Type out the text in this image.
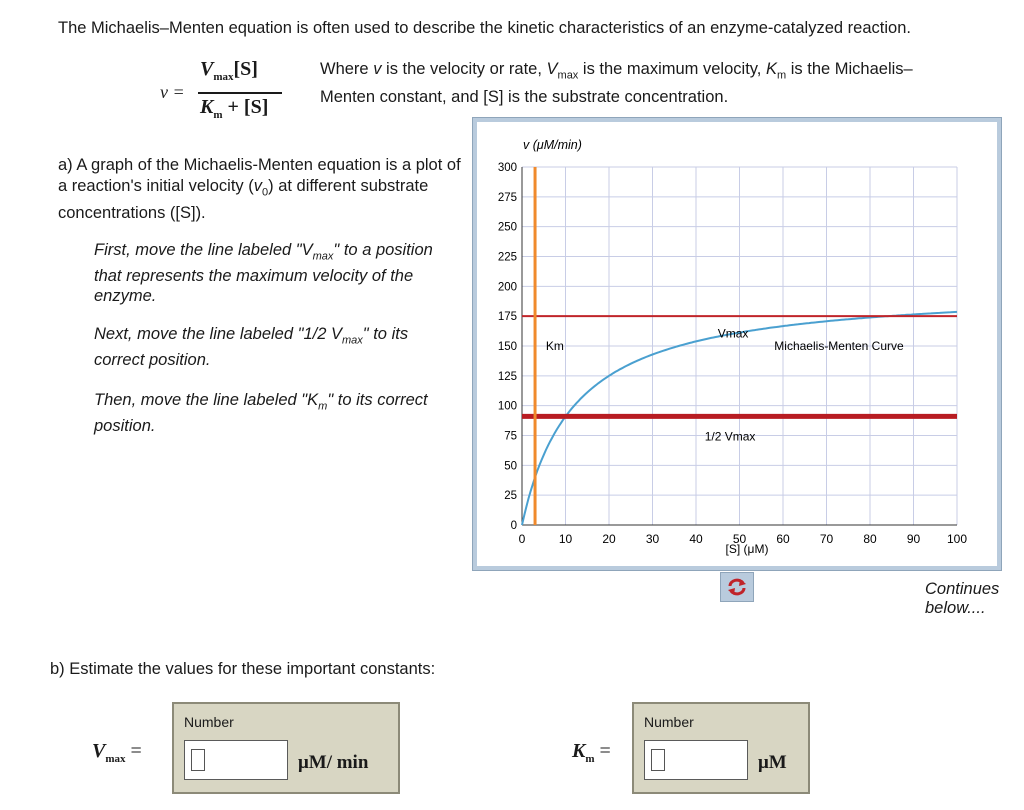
The Michaelis–Menten equation is often used to describe the kinetic characteristics of an enzyme-catalyzed reaction.
v =
$V_{max}[S]$
$K_m + [S]$
Where v is the velocity or rate, $V_{max}$ is the maximum velocity, $K_m$ is the Michaelis– Menten constant, and [S] is the substrate concentration.
a) A graph of the Michaelis-Menten equation is a plot of a reaction's initial velocity $(v_0)$ at different substrate concentrations ([S]).
First, move the line labeled "$V_{max}$" to a position that represents the maximum velocity of the enzyme.
Next, move the line labeled "1/2 $V_{max}$" to its correct position.
Then, move the line labeled "$K_m$" to its correct position.
v (μM/min)
[S] (μM)
0	10	20	30	40	50	60	70	80	90 100
0
25
50
75
100
125
150
175
200
225
250
275
300
Michaelis-Menten Curve
Vmax
1/2 Vmax
Km
Continues below....
b) Estimate the values for these important constants:
$V_{max}$ =
Number
μM/ min
$K_m$ =
Number
μM
